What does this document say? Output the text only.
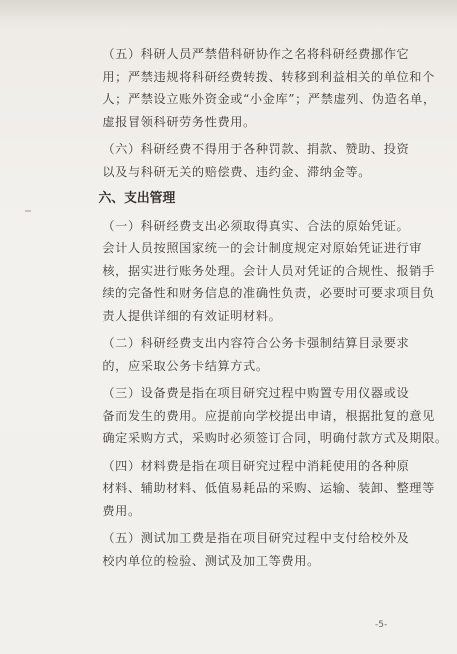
（五）科研人员严禁借科研协作之名将科研经费挪作它
用；严禁违规将科研经费转拨、转移到利益相关的单位和个
人；严禁设立账外资金或“小金库”；严禁虚列、伪造名单，
虚报冒领科研劳务性费用。

（六）科研经费不得用于各种罚款、捐款、赞助、投资
以及与科研无关的赔偿费、违约金、滞纳金等。

六、支出管理

（一）科研经费支出必须取得真实、合法的原始凭证。
会计人员按照国家统一的会计制度规定对原始凭证进行审
核，据实进行账务处理。会计人员对凭证的合规性、报销手
续的完备性和财务信息的准确性负责，必要时可要求项目负
责人提供详细的有效证明材料。

（二）科研经费支出内容符合公务卡强制结算目录要求
的，应采取公务卡结算方式。

（三）设备费是指在项目研究过程中购置专用仪器或设
备而发生的费用。应提前向学校提出申请，根据批复的意见
确定采购方式，采购时必须签订合同，明确付款方式及期限。

（四）材料费是指在项目研究过程中消耗使用的各种原
材料、辅助材料、低值易耗品的采购、运输、装卸、整理等
费用。

（五）测试加工费是指在项目研究过程中支付给校外及
校内单位的检验、测试及加工等费用。

-5-
